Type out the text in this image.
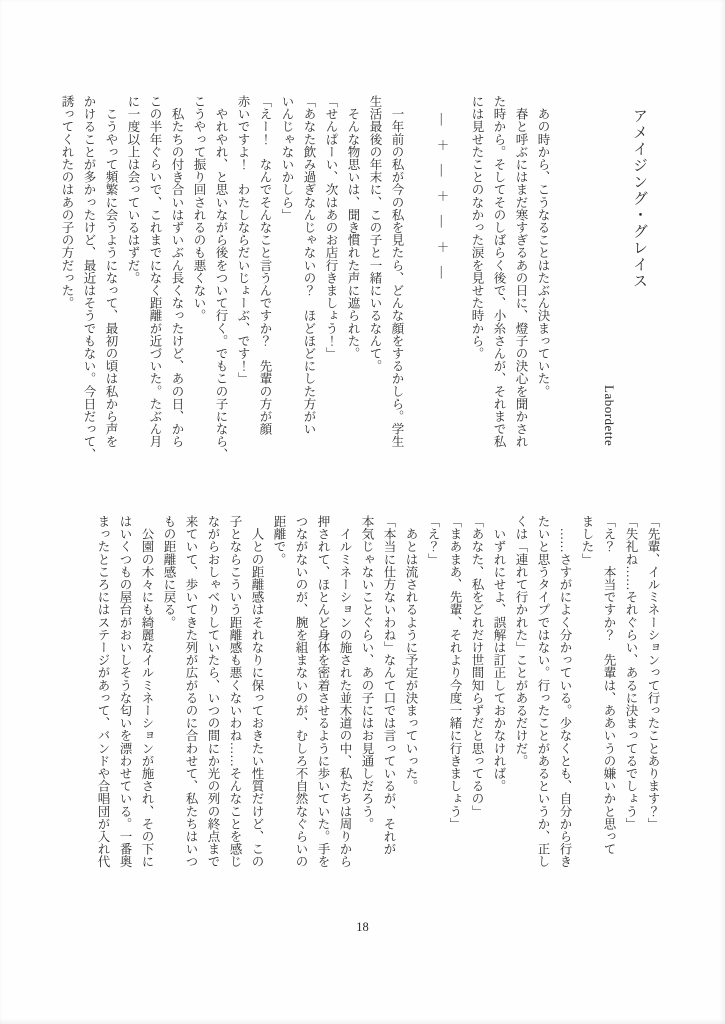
アメイジング・グレイス

Labordette

　あの時から、こうなることはたぶん決まっていた。

　春と呼ぶにはまだ寒すぎるあの日に、燈子の決心を聞かされ

た時から。そしてそのしばらく後で、小糸さんが、それまで私

には見せたことのなかった涙を見せた時から。

―＋―＋―＋―

　一年前の私が今の私を見たら、どんな顔をするかしら。学生

生活最後の年末に、この子と一緒にいるなんて。

　そんな物思いは、聞き慣れた声に遮られた。

「せんぱーい、次はあのお店行きましょう！」

「あなた飲み過ぎなんじゃないの？　ほどほどにした方がい

いんじゃないかしら」

「えー！　なんでそんなこと言うんですか？　先輩の方が顔

赤いですよ！　わたしならだいじょーぶ、です！」

　やれやれ、と思いながら後をついて行く。でもこの子になら、

こうやって振り回されるのも悪くない。

　私たちの付き合いはずいぶん長くなったけど、あの日、から

この半年ぐらいで、これまでになく距離が近づいた。たぶん月

に一度以上は会っているはずだ。

　こうやって頻繁に会うようになって、最初の頃は私から声を

かけることが多かったけど、最近はそうでもない。今日だって、

誘ってくれたのはあの子の方だった。

「先輩、イルミネーションって行ったことあります？」

「失礼ね……それぐらい、あるに決まってるでしょう」

「え？　本当ですか？　先輩は、ああいうの嫌いかと思って

ました」

　……さすがによく分かっている。少なくとも、自分から行き

たいと思うタイプではない。行ったことがあるというか、正し

くは「連れて行かれた」ことがあるだけだ。

　いずれにせよ、誤解は訂正しておかなければ。

「あなた、私をどれだけ世間知らずだと思ってるの」

「まあまあ、先輩、それより今度一緒に行きましょう」

「え？」

　あとは流されるように予定が決まっていった。

「本当に仕方ないわね」なんて口では言っているが、それが

本気じゃないことぐらい、あの子にはお見通しだろう。

　イルミネーションの施された並木道の中、私たちは周りから

押されて、ほとんど身体を密着させるように歩いていた。手を

つながないのが、腕を組まないのが、むしろ不自然なぐらいの

距離で。

　人との距離感はそれなりに保っておきたい性質だけど、この

子とならこういう距離感も悪くないわね……そんなことを感じ

ながらおしゃべりしていたら、いつの間にか光の列の終点まで

来ていて、歩いてきた列が広がるのに合わせて、私たちはいつ

もの距離感に戻る。

　公園の木々にも綺麗なイルミネーションが施され、その下に

はいくつもの屋台がおいしそうな匂いを漂わせている。一番奥

まったところにはステージがあって、バンドや合唱団が入れ代

18
